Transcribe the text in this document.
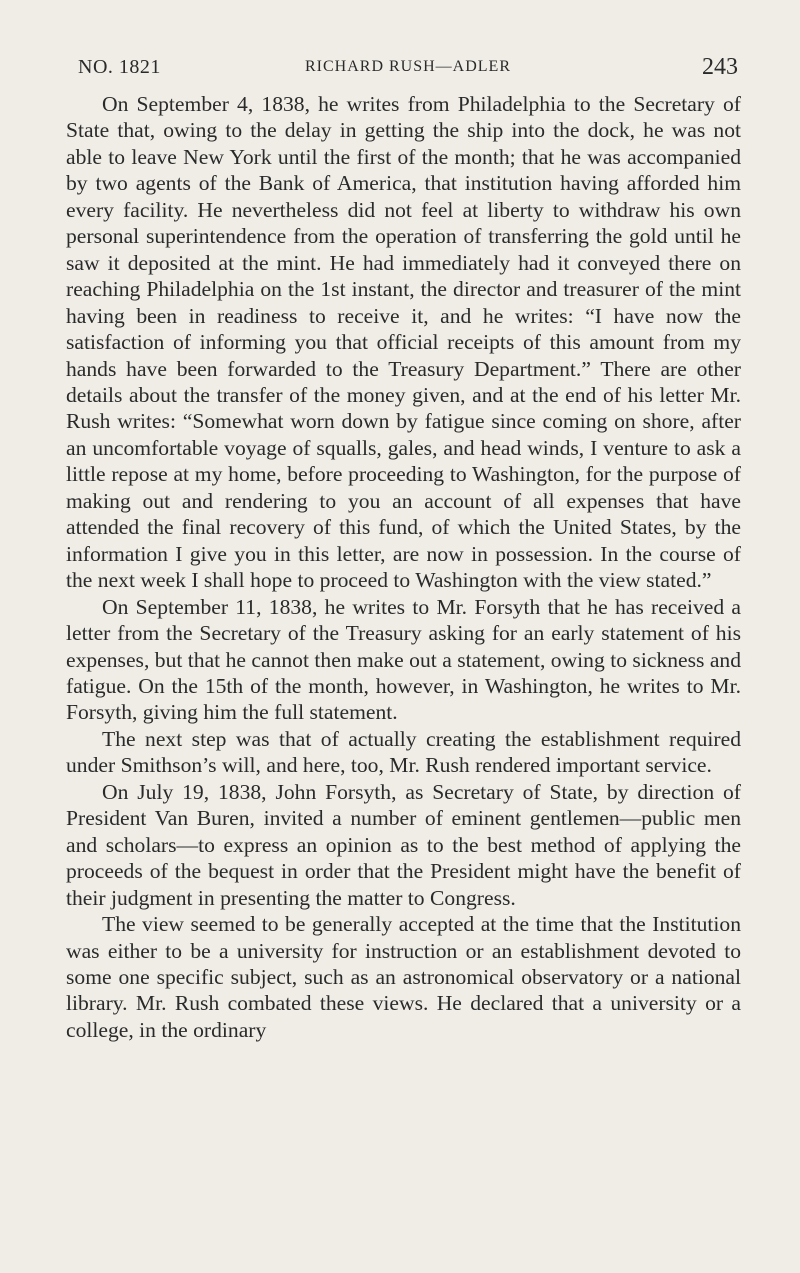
NO. 1821	RICHARD RUSH—ADLER	243

On September 4, 1838, he writes from Philadelphia to the Secretary of State that, owing to the delay in getting the ship into the dock, he was not able to leave New York until the first of the month; that he was accompanied by two agents of the Bank of America, that institution having afforded him every facility. He nevertheless did not feel at liberty to withdraw his own personal superintendence from the operation of transferring the gold until he saw it deposited at the mint. He had immediately had it conveyed there on reaching Philadelphia on the 1st instant, the director and treasurer of the mint having been in readiness to receive it, and he writes: “I have now the satisfaction of informing you that official receipts of this amount from my hands have been forwarded to the Treasury Department.” There are other details about the transfer of the money given, and at the end of his letter Mr. Rush writes: “Somewhat worn down by fatigue since coming on shore, after an uncomfortable voyage of squalls, gales, and head winds, I venture to ask a little repose at my home, before proceeding to Washington, for the purpose of making out and rendering to you an account of all expenses that have attended the final recovery of this fund, of which the United States, by the information I give you in this letter, are now in possession. In the course of the next week I shall hope to proceed to Washington with the view stated.”

On September 11, 1838, he writes to Mr. Forsyth that he has received a letter from the Secretary of the Treasury asking for an early statement of his expenses, but that he cannot then make out a statement, owing to sickness and fatigue. On the 15th of the month, however, in Washington, he writes to Mr. Forsyth, giving him the full statement.

The next step was that of actually creating the establishment required under Smithson’s will, and here, too, Mr. Rush rendered important service.

On July 19, 1838, John Forsyth, as Secretary of State, by direction of President Van Buren, invited a number of eminent gentlemen—public men and scholars—to express an opinion as to the best method of applying the proceeds of the bequest in order that the President might have the benefit of their judgment in presenting the matter to Congress.

The view seemed to be generally accepted at the time that the Institution was either to be a university for instruction or an establishment devoted to some one specific subject, such as an astronomical observatory or a national library. Mr. Rush combated these views. He declared that a university or a college, in the ordinary
